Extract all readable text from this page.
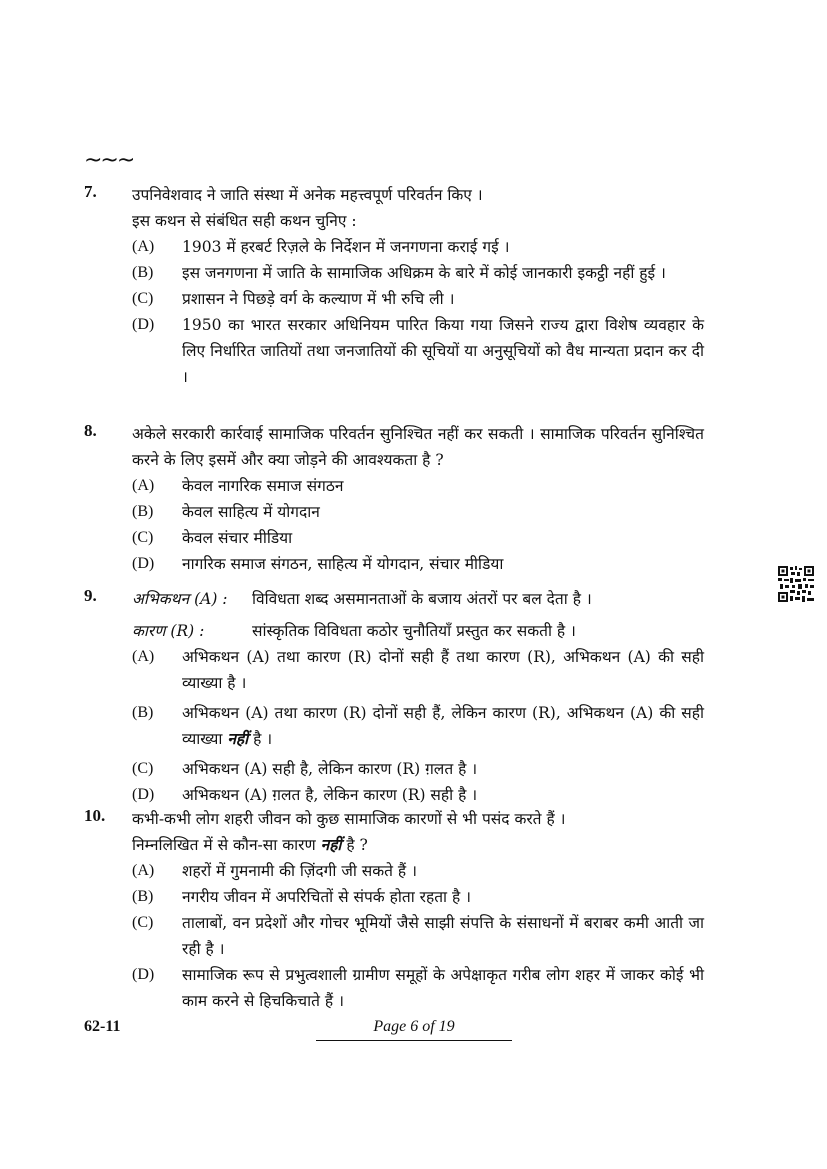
~~~
7. उपनिवेशवाद ने जाति संस्था में अनेक महत्त्वपूर्ण परिवर्तन किए ।
इस कथन से संबंधित सही कथन चुनिए :
(A)	1903 में हरबर्ट रिज़ले के निर्देशन में जनगणना कराई गई ।
(B)	इस जनगणना में जाति के सामाजिक अधिक्रम के बारे में कोई जानकारी इकट्ठी नहीं हुई ।
(C)	प्रशासन ने पिछड़े वर्ग के कल्याण में भी रुचि ली ।
(D)	1950 का भारत सरकार अधिनियम पारित किया गया जिसने राज्य द्वारा विशेष व्यवहार के लिए निर्धारित जातियों तथा जनजातियों की सूचियों या अनुसूचियों को वैध मान्यता प्रदान कर दी ।
8. अकेले सरकारी कार्रवाई सामाजिक परिवर्तन सुनिश्चित नहीं कर सकती । सामाजिक परिवर्तन सुनिश्चित करने के लिए इसमें और क्या जोड़ने की आवश्यकता है ?
(A)	केवल नागरिक समाज संगठन
(B)	केवल साहित्य में योगदान
(C)	केवल संचार मीडिया
(D)	नागरिक समाज संगठन, साहित्य में योगदान, संचार मीडिया
9. अभिकथन (A) :	विविधता शब्द असमानताओं के बजाय अंतरों पर बल देता है ।
कारण (R) :	सांस्कृतिक विविधता कठोर चुनौतियाँ प्रस्तुत कर सकती है ।
(A)	अभिकथन (A) तथा कारण (R) दोनों सही हैं तथा कारण (R), अभिकथन (A) की सही व्याख्या है ।
(B)	अभिकथन (A) तथा कारण (R) दोनों सही हैं, लेकिन कारण (R), अभिकथन (A) की सही व्याख्या नहीं है ।
(C)	अभिकथन (A) सही है, लेकिन कारण (R) ग़लत है ।
(D)	अभिकथन (A) ग़लत है, लेकिन कारण (R) सही है ।
10. कभी-कभी लोग शहरी जीवन को कुछ सामाजिक कारणों से भी पसंद करते हैं ।
निम्नलिखित में से कौन-सा कारण नहीं है ?
(A)	शहरों में गुमनामी की ज़िंदगी जी सकते हैं ।
(B)	नगरीय जीवन में अपरिचितों से संपर्क होता रहता है ।
(C)	तालाबों, वन प्रदेशों और गोचर भूमियों जैसे साझी संपत्ति के संसाधनों में बराबर कमी आती जा रही है ।
(D)	सामाजिक रूप से प्रभुत्वशाली ग्रामीण समूहों के अपेक्षाकृत गरीब लोग शहर में जाकर कोई भी काम करने से हिचकिचाते हैं ।
62-11	Page 6 of 19
